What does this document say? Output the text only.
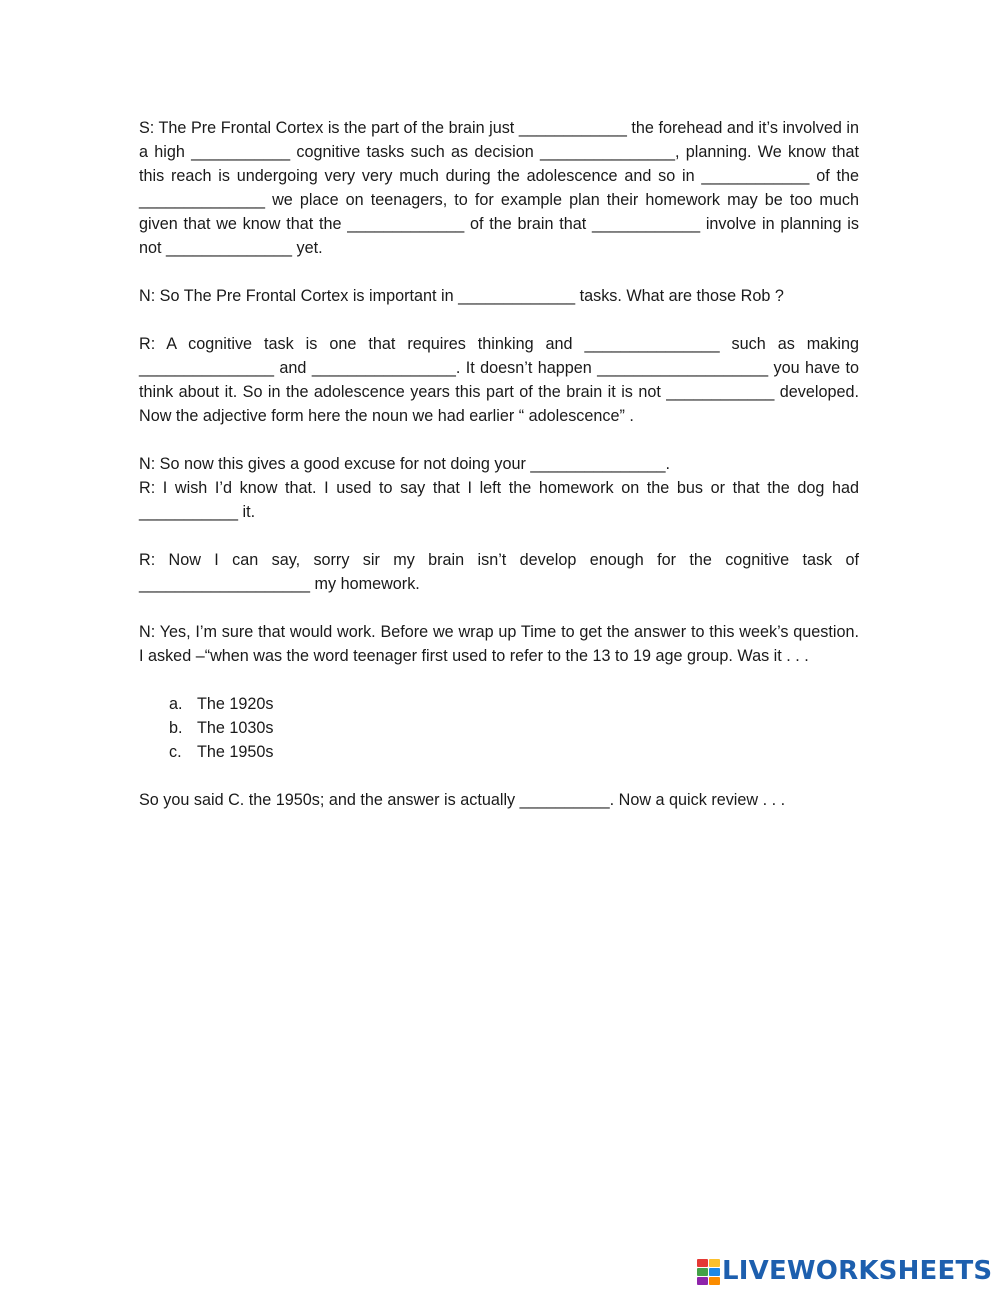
S: The Pre Frontal Cortex is the part of the brain just ____________ the forehead and it’s involved in a high ___________ cognitive tasks such as decision _______________, planning. We know that this reach is undergoing very very much during the adolescence and so in ____________ of the ______________ we place on teenagers, to for example plan their homework may be too much given that we know that the _____________ of the brain that ____________ involve in planning is not ______________ yet.

N: So The Pre Frontal Cortex is important in _____________ tasks. What are those Rob ?

R: A cognitive task is one that requires thinking and _______________ such as making _______________ and ________________. It doesn’t happen ___________________ you have to think about it. So in the adolescence years this part of the brain it is not ____________ developed. Now the adjective form here the noun we had earlier “ adolescence” .

N: So now this gives a good excuse for not doing your _______________.

R: I wish I’d know that. I used to say that I left the homework on the bus or that the dog had ___________ it.

R: Now I can say, sorry sir my brain isn’t develop enough for the cognitive task of ___________________ my homework.

N: Yes, I’m sure that would work. Before we wrap up Time to get the answer to this week’s question. I asked –“when was the word teenager first used to refer to the 13 to 19 age group. Was it . . .

a. The 1920s
b. The 1030s
c. The 1950s

So you said C. the 1950s; and the answer is actually __________. Now a quick review . . .

LIVEWORKSHEETS
